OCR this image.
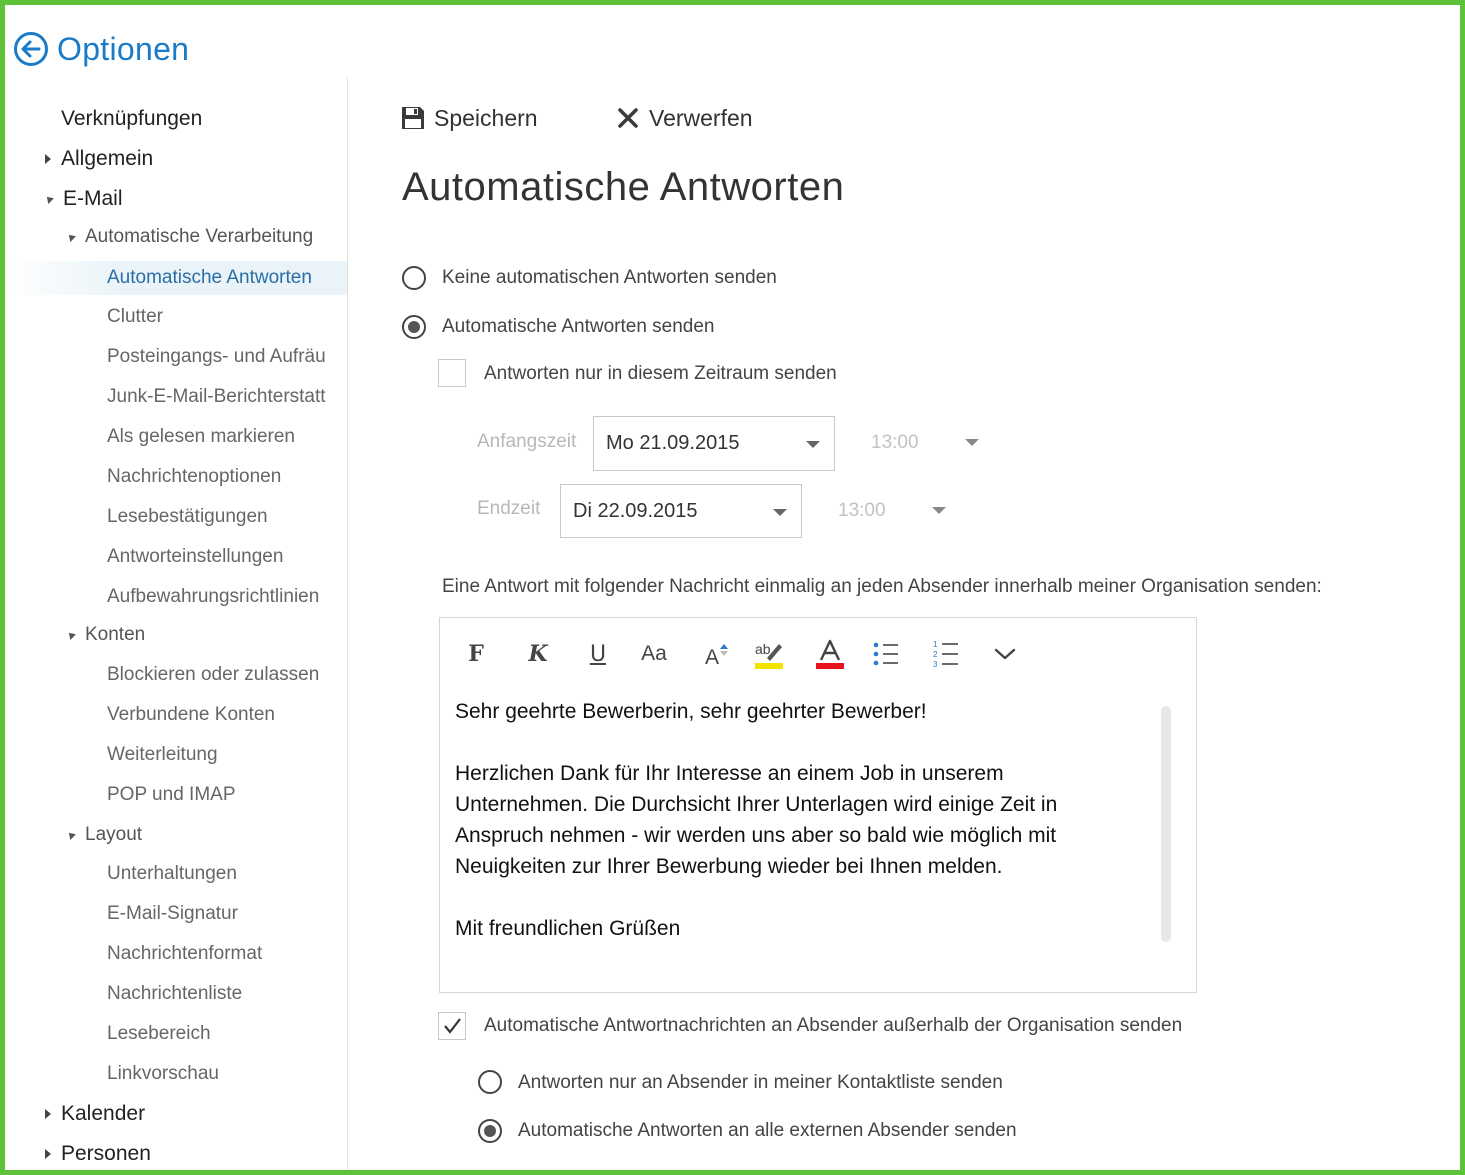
Optionen
Verknüpfungen
Allgemein
E-Mail
Automatische Verarbeitung
Automatische Antworten
Clutter
Posteingangs- und Aufräu
Junk-E-Mail-Berichterstatt
Als gelesen markieren
Nachrichtenoptionen
Lesebestätigungen
Antworteinstellungen
Aufbewahrungsrichtlinien
Konten
Blockieren oder zulassen
Verbundene Konten
Weiterleitung
POP und IMAP
Layout
Unterhaltungen
E-Mail-Signatur
Nachrichtenformat
Nachrichtenliste
Lesebereich
Linkvorschau
Kalender
Personen
Speichern	Verwerfen
Automatische Antworten
Keine automatischen Antworten senden
Automatische Antworten senden
Antworten nur in diesem Zeitraum senden
Anfangszeit Mo 21.09.2015	13:00
Endzeit Di 22.09.2015	13:00
Eine Antwort mit folgender Nachricht einmalig an jeden Absender innerhalb meiner Organisation senden:
F K U Aa A	ab	1
2
3

Sehr geehrte Bewerberin, sehr geehrter Bewerber!

Herzlichen Dank für Ihr Interesse an einem Job in unserem

Unternehmen. Die Durchsicht Ihrer Unterlagen wird einige Zeit in

Anspruch nehmen - wir werden uns aber so bald wie möglich mit

Neuigkeiten zur Ihrer Bewerbung wieder bei Ihnen melden.

Mit freundlichen Grüßen

Automatische Antwortnachrichten an Absender außerhalb der Organisation senden
Antworten nur an Absender in meiner Kontaktliste senden
Automatische Antworten an alle externen Absender senden
